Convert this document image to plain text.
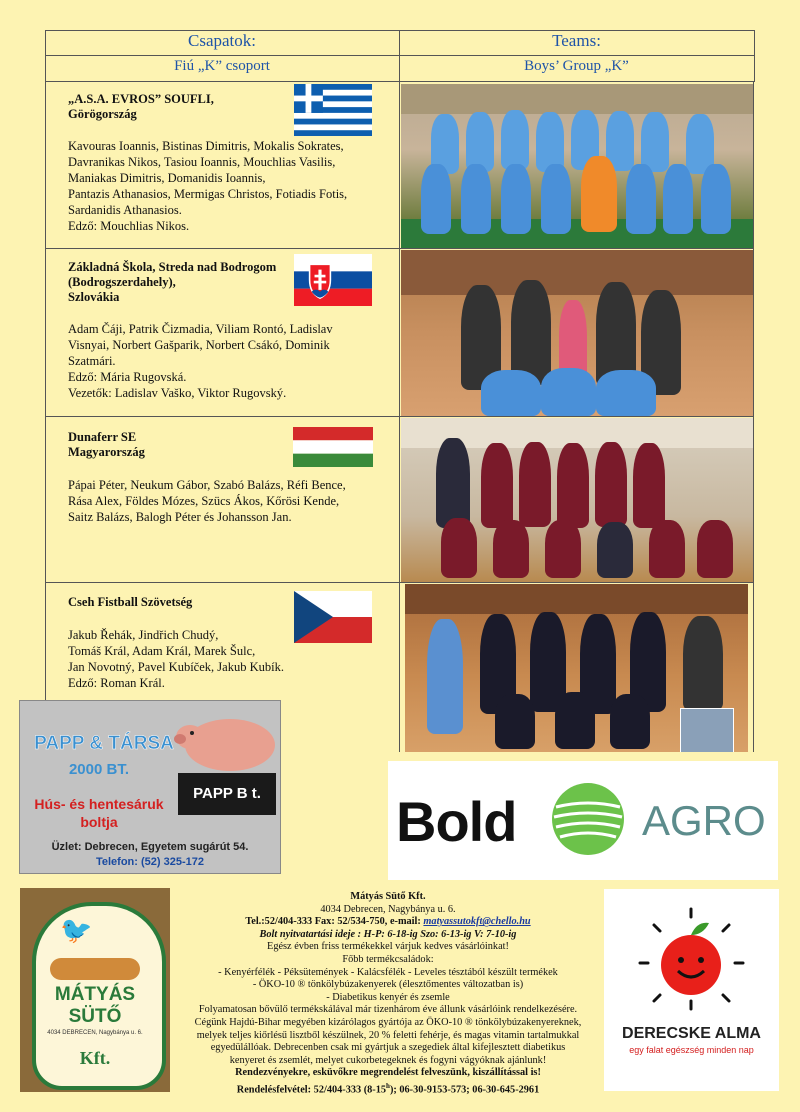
Csapatok:
Fiú „K” csoport
Teams:
Boys’ Group „K”
„A.S.A. EVROS” SOUFLI,
Görögország
Kavouras Ioannis, Bistinas Dimitris, Mokalis Sokrates,
Davranikas Nikos, Tasiou Ioannis, Mouchlias Vasilis,
Maniakas Dimitris, Domanidis Ioannis,
Pantazis Athanasios, Mermigas Christos, Fotiadis Fotis,
Sardanidis Athanasios.
Edző: Mouchlias Nikos.
Základná Škola, Streda nad Bodrogom
(Bodrogszerdahely),
Szlovákia
Adam Čáji, Patrik Čizmadia, Viliam Rontó, Ladislav
Visnyai, Norbert Gašparik, Norbert Csákó, Dominik
Szatmári.
Edző: Mária Rugovská.
Vezetők: Ladislav Vaško, Viktor Rugovský.
Dunaferr SE
Magyarország
Pápai Péter, Neukum Gábor, Szabó Balázs, Réfi Bence,
Rása Alex, Földes Mózes, Szücs Ákos, Kőrösi Kende,
Saitz Balázs, Balogh Péter és Johansson Jan.
Cseh Fistball Szövetség
Jakub Řehák, Jindřich Chudý,
Tomáš Král, Adam Král, Marek Šulc,
Jan Novotný, Pavel Kubíček, Jakub Kubík.
Edző: Roman Král.
PAPP & TÁRSA
2000 BT.
Hús- és hentesáruk
boltja
PAPP B t.
Üzlet: Debrecen, Egyetem sugárút 54.
Telefon: (52) 325-172
Bold	AGRO
🐦
MÁTYÁS
SÜTŐ
4034 DEBRECEN, Nagybánya u. 6.
Kft.
Mátyás Sütő Kft.
4034 Debrecen, Nagybánya u. 6.
Tel.:52/404-333 Fax: 52/534-750, e-mail: matyassutokft@chello.hu
Bolt nyitvatartási ideje : H-P: 6-18-ig Szo: 6-13-ig V: 7-10-ig
Egész évben friss termékekkel várjuk kedves vásárlóinkat!
Főbb termékcsaládok:
- Kenyérfélék - Péksütemények - Kalácsfélék - Leveles tésztából készült termékek
- ÖKO-10 ® tönkölybúzakenyerek (élesztőmentes változatban is)
- Diabetikus kenyér és zsemle
Folyamatosan bővülő termékskálával már tizenhárom éve állunk vásárlóink rendelkezésére.
Cégünk Hajdú-Bihar megyében kizárólagos gyártója az ÖKO-10 ® tönkölybúzakenyereknek,
melyek teljes kiőrlésű lisztből készülnek, 20 % feletti fehérje, és magas vitamin tartalmukkal
egyedülállóak. Debrecenben csak mi gyártjuk a szegediek által kifejlesztett diabetikus
kenyeret és zsemlét, melyet cukorbetegeknek és fogyni vágyóknak ajánlunk!
Rendezvényekre, esküvőkre megrendelést felveszünk, kiszállítással is!
Rendelésfelvétel: 52/404-333 (8-15$^h$); 06-30-9153-573; 06-30-645-2961
DERECSKE ALMA
egy falat egészség minden nap
